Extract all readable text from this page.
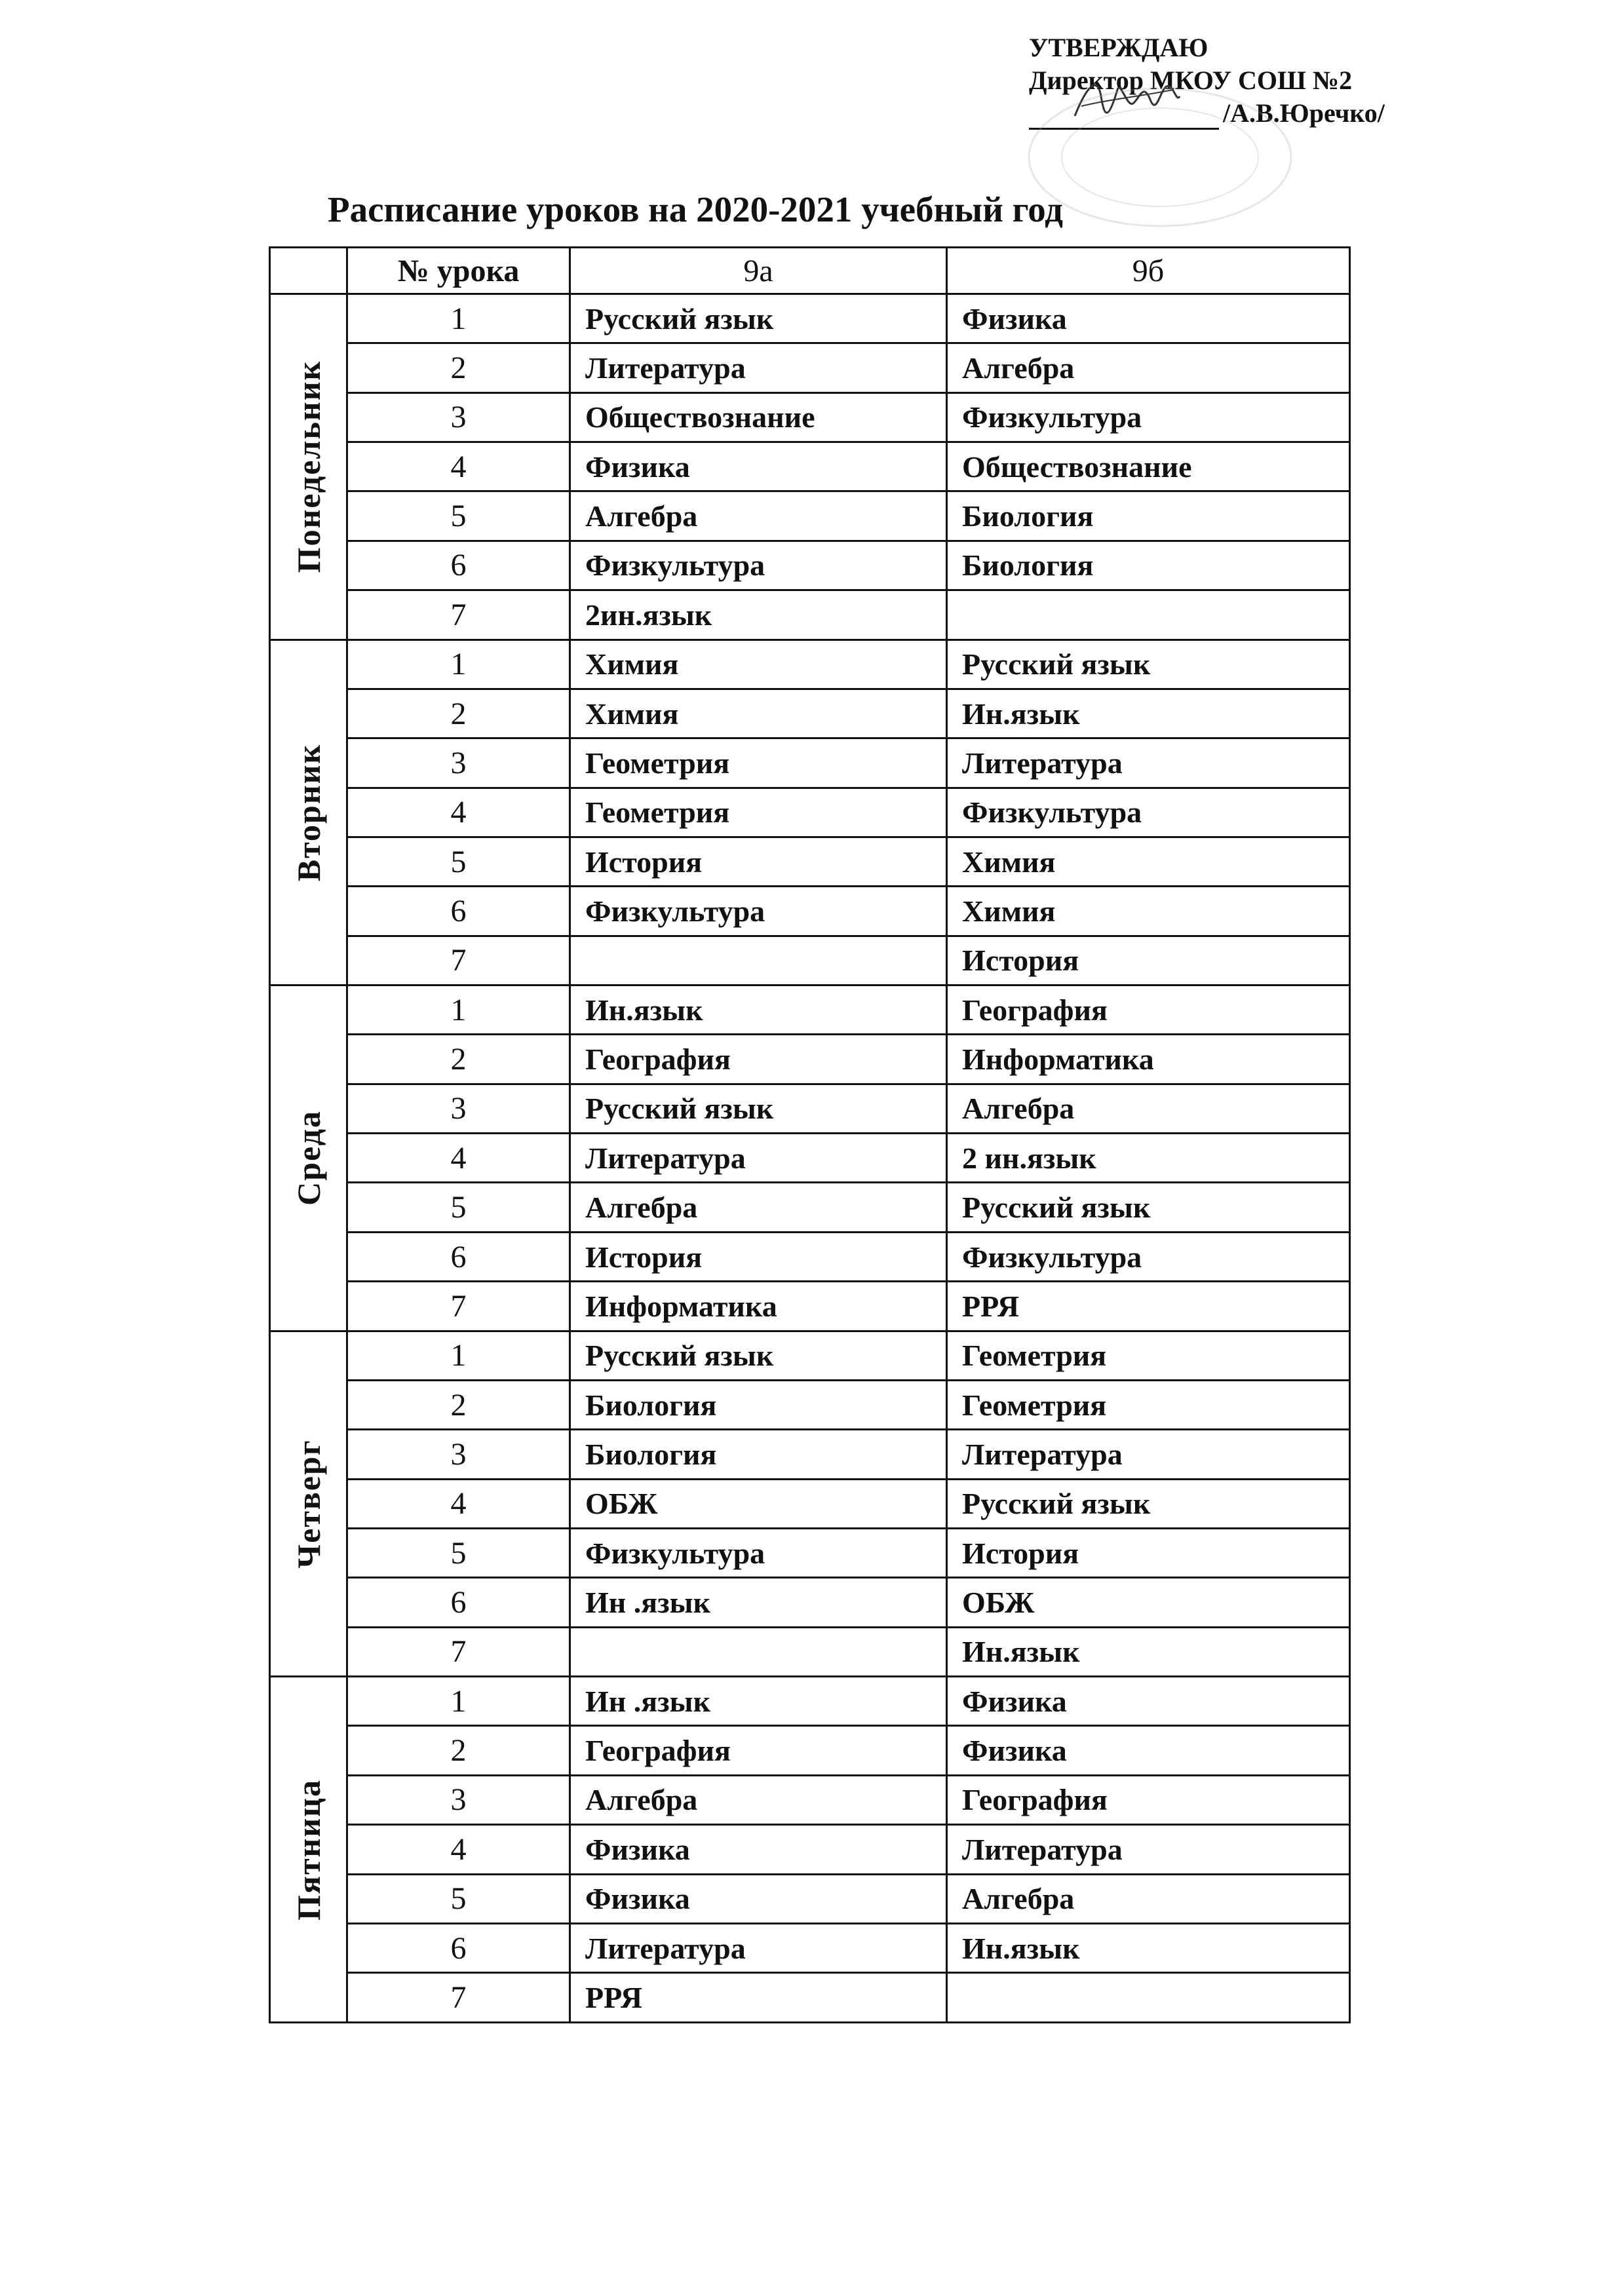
УТВЕРЖДАЮ
Директор МКОУ СОШ №2
/А.В.Юречко/
Расписание уроков на 2020-2021 учебный год
	№ урока	9а	9б

Понедельник	1	Русский язык	Физика
	2	Литература	Алгебра
	3	Обществознание	Физкультура
	4	Физика	Обществознание
	5	Алгебра	Биология
	6	Физкультура	Биология
	7	2ин.язык	

Вторник	1	Химия	Русский язык
	2	Химия	Ин.язык
	3	Геометрия	Литература
	4	Геометрия	Физкультура
	5	История	Химия
	6	Физкультура	Химия
	7		История

Среда	1	Ин.язык	География
	2	География	Информатика
	3	Русский язык	Алгебра
	4	Литература	2 ин.язык
	5	Алгебра	Русский язык
	6	История	Физкультура
	7	Информатика	РРЯ

Четверг	1	Русский язык	Геометрия
	2	Биология	Геометрия
	3	Биология	Литература
	4	ОБЖ	Русский язык
	5	Физкультура	История
	6	Ин .язык	ОБЖ
	7		Ин.язык

Пятница	1	Ин .язык	Физика
	2	География	Физика
	3	Алгебра	География
	4	Физика	Литература
	5	Физика	Алгебра
	6	Литература	Ин.язык
	7	РРЯ	
